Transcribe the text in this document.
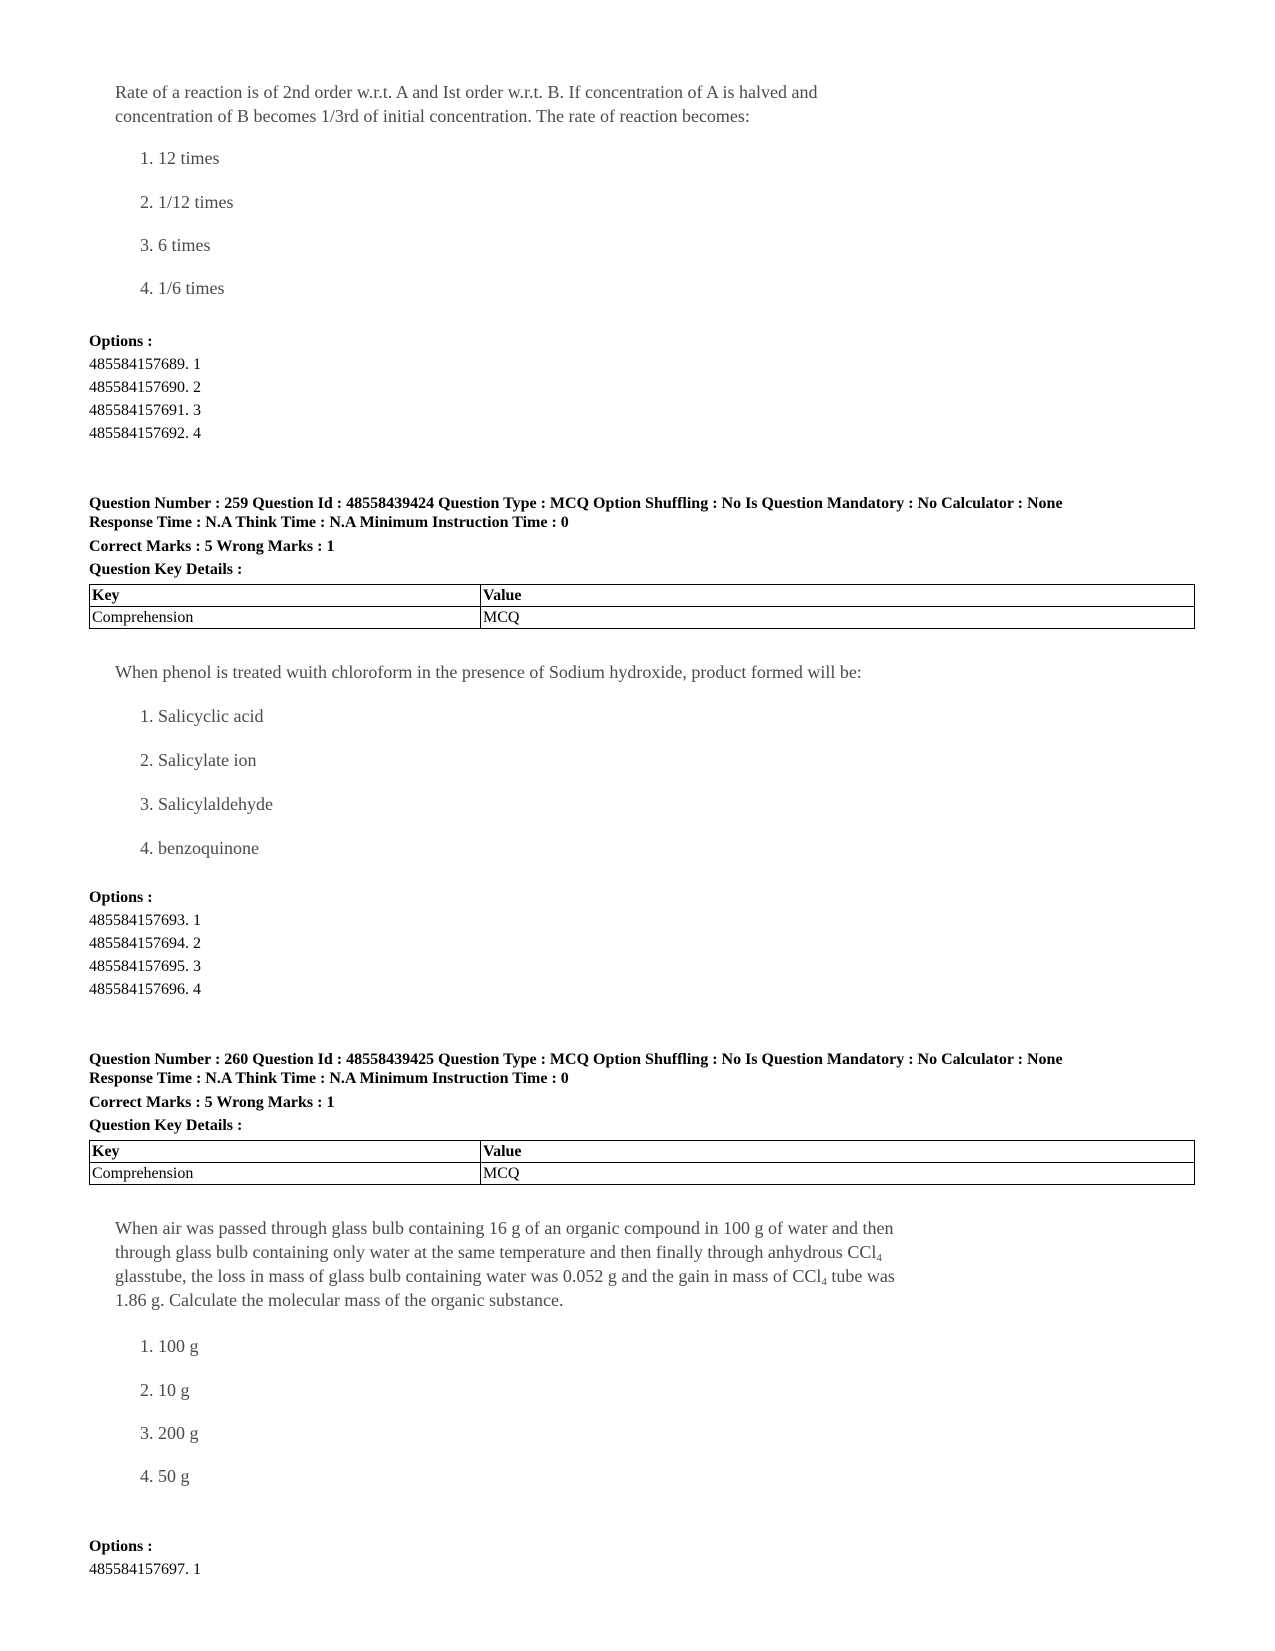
Rate of a reaction is of 2nd order w.r.t. A and Ist order w.r.t. B. If concentration of A is halved and
concentration of B becomes 1/3rd of initial concentration. The rate of reaction becomes:
1. 12 times
2. 1/12 times
3. 6 times
4. 1/6 times
Options :
485584157689. 1
485584157690. 2
485584157691. 3
485584157692. 4
Question Number : 259 Question Id : 48558439424 Question Type : MCQ Option Shuffling : No Is Question Mandatory : No Calculator : None
Response Time : N.A Think Time : N.A Minimum Instruction Time : 0
Correct Marks : 5 Wrong Marks : 1
Question Key Details :
Key	Value
Comprehension	MCQ
When phenol is treated wuith chloroform in the presence of Sodium hydroxide, product formed will be:
1. Salicyclic acid
2. Salicylate ion
3. Salicylaldehyde
4. benzoquinone
Options :
485584157693. 1
485584157694. 2
485584157695. 3
485584157696. 4
Question Number : 260 Question Id : 48558439425 Question Type : MCQ Option Shuffling : No Is Question Mandatory : No Calculator : None
Response Time : N.A Think Time : N.A Minimum Instruction Time : 0
Correct Marks : 5 Wrong Marks : 1
Question Key Details :
Key	Value
Comprehension	MCQ
When air was passed through glass bulb containing 16 g of an organic compound in 100 g of water and then
through glass bulb containing only water at the same temperature and then finally through anhydrous CCl$_4$
glasstube, the loss in mass of glass bulb containing water was 0.052 g and the gain in mass of CCl$_4$ tube was
1.86 g. Calculate the molecular mass of the organic substance.
1. 100 g
2. 10 g
3. 200 g
4. 50 g
Options :
485584157697. 1
